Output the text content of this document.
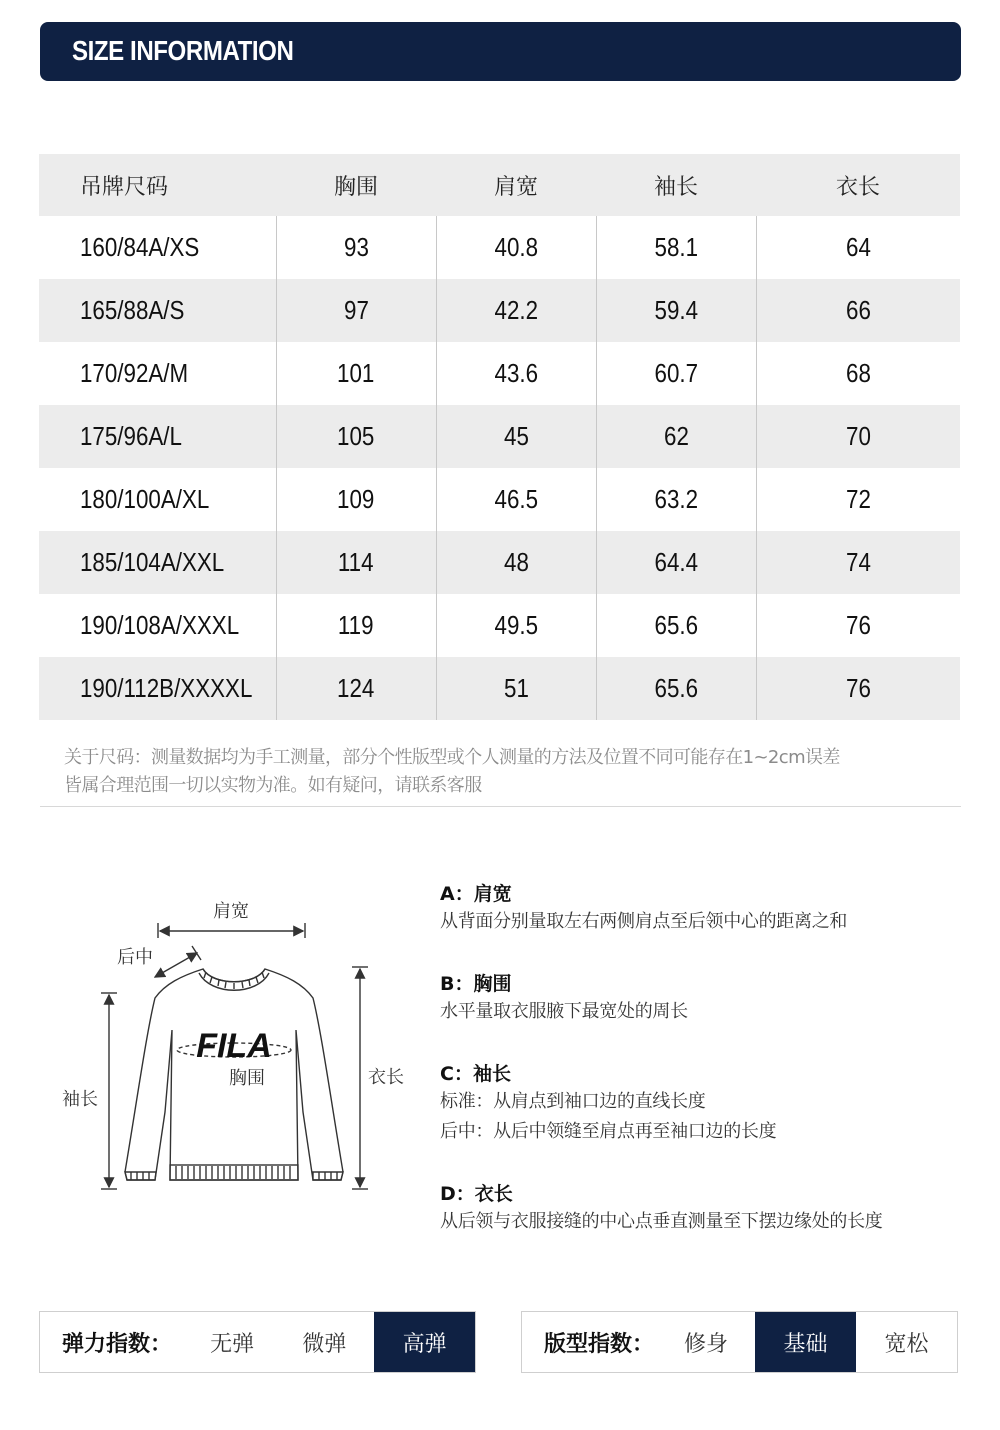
SIZE INFORMATION
吊牌尺码	胸围	肩宽	袖长	衣长
160/84A/XS	93	40.8	58.1	64
165/88A/S	97	42.2	59.4	66
170/92A/M	101	43.6	60.7	68
175/96A/L	105	45	62	70
180/100A/XL	109	46.5	63.2	72
185/104A/XXL	114	48	64.4	74
190/108A/XXXL	119	49.5	65.6	76
190/112B/XXXXL	124	51	65.6	76
关于尺码：测量数据均为手工测量，部分个性版型或个人测量的方法及位置不同可能存在1~2cm误差
皆属合理范围一切以实物为准。如有疑问，请联系客服
FILA
肩宽
后中
袖长
胸围	衣长
A：肩宽
从背面分别量取左右两侧肩点至后领中心的距离之和
B：胸围
水平量取衣服腋下最宽处的周长
C：袖长
标准：从肩点到袖口边的直线长度
后中：从后中领缝至肩点再至袖口边的长度
D：衣长
从后领与衣服接缝的中心点垂直测量至下摆边缘处的长度
弹力指数：	无弹	微弹	高弹	版型指数：	修身	基础	宽松
